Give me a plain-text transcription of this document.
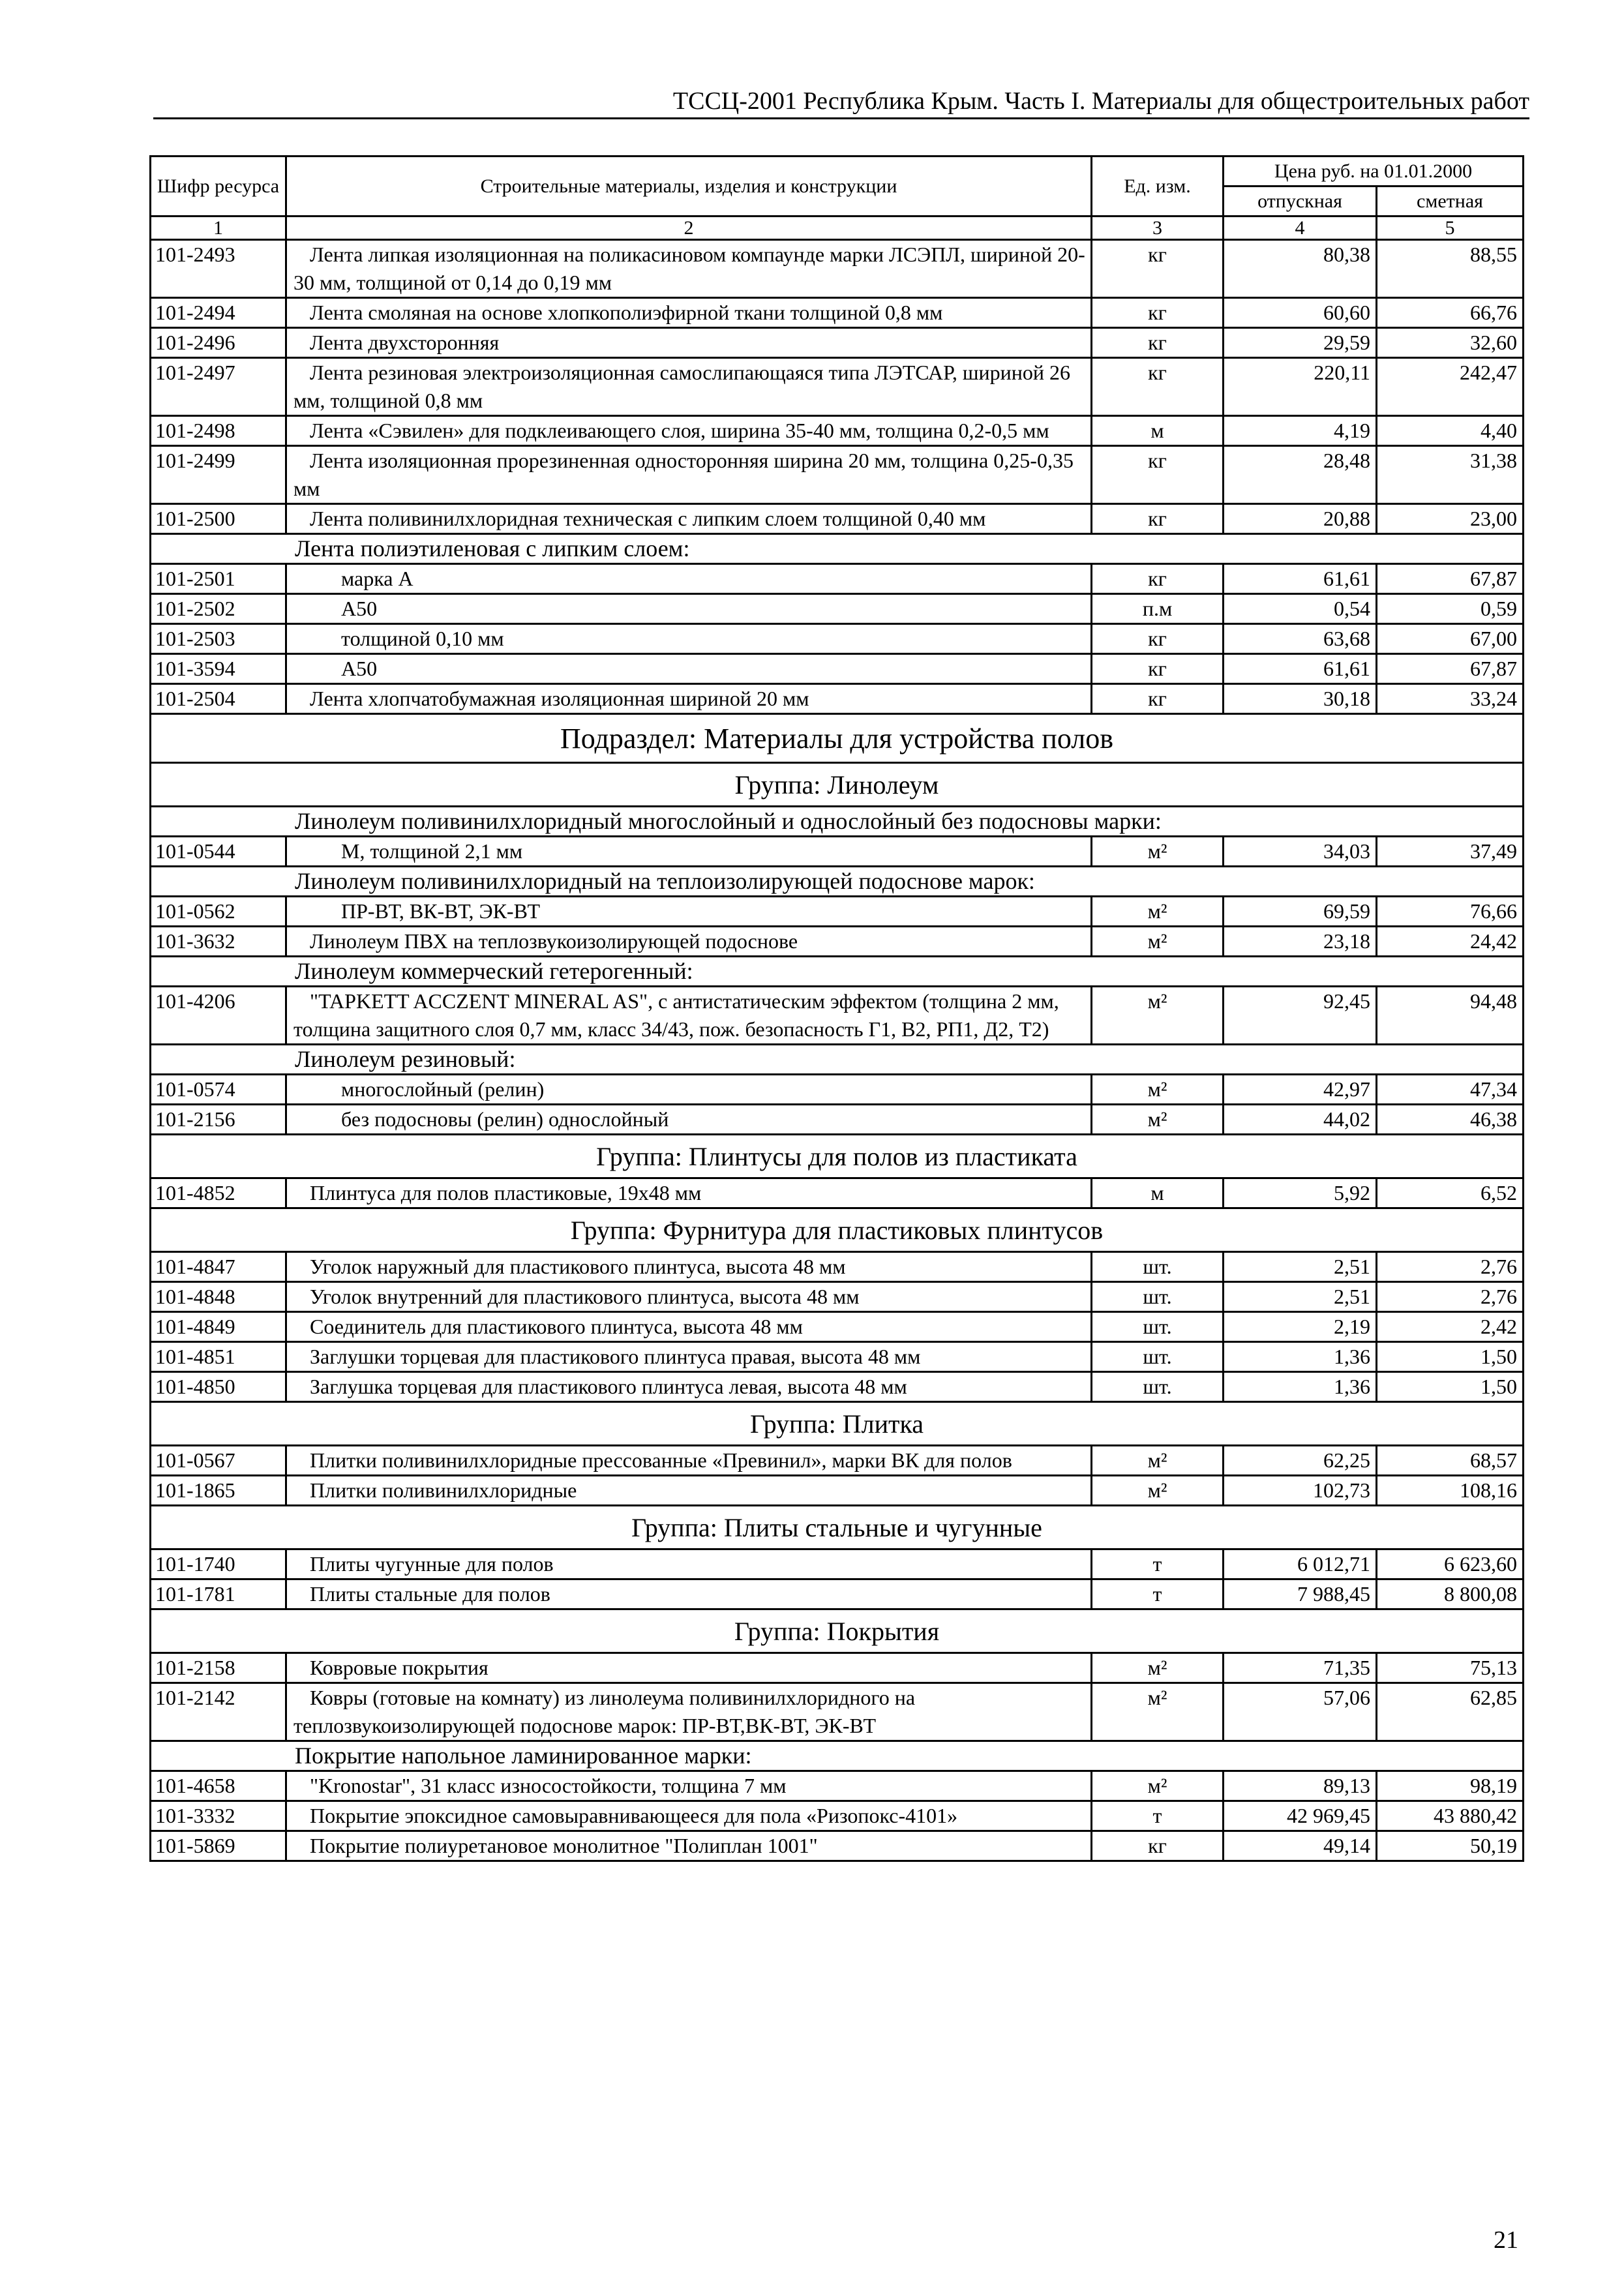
ТССЦ-2001 Республика Крым. Часть I. Материалы для общестроительных работ
Шифр ресурса	Строительные материалы, изделия и конструкции	Ед. изм.	Цена руб. на 01.01.2000	
			отпускная	сметная
1	2	3	4	5
101-2493	Лента липкая изоляционная на поликасиновом компаунде марки ЛСЭПЛ, шириной 20-30 мм, толщиной от 0,14 до 0,19 мм	кг	80,38	88,55
101-2494	Лента смоляная на основе хлопкополиэфирной ткани толщиной 0,8 мм	кг	60,60	66,76
101-2496	Лента двухсторонняя	кг	29,59	32,60
101-2497	Лента резиновая электроизоляционная самослипающаяся типа ЛЭТСАР, шириной 26 мм, толщиной 0,8 мм	кг	220,11	242,47
101-2498	Лента «Сэвилен» для подклеивающего слоя, ширина 35-40 мм, толщина 0,2-0,5 мм	м	4,19	4,40
101-2499	Лента изоляционная прорезиненная односторонняя ширина 20 мм, толщина 0,25-0,35 мм	кг	28,48	31,38
101-2500	Лента поливинилхлоридная техническая с липким слоем толщиной 0,40 мм	кг	20,88	23,00
Лента полиэтиленовая с липким слоем:				
101-2501	марка А	кг	61,61	67,87
101-2502	А50	п.м	0,54	0,59
101-2503	толщиной 0,10 мм	кг	63,68	67,00
101-3594	А50	кг	61,61	67,87
101-2504	Лента хлопчатобумажная изоляционная шириной 20 мм	кг	30,18	33,24
Подраздел: Материалы для устройства полов				
Группа: Линолеум				
Линолеум поливинилхлоридный многослойный и однослойный без подосновы марки:				
101-0544	М, толщиной 2,1 мм	м²	34,03	37,49
Линолеум поливинилхлоридный на теплоизолирующей подоснове марок:				
101-0562	ПР-ВТ, ВК-ВТ, ЭК-ВТ	м²	69,59	76,66
101-3632	Линолеум ПВХ на теплозвукоизолирующей подоснове	м²	23,18	24,42
Линолеум коммерческий гетерогенный:				
101-4206	"TAPKETT ACCZENT MINERAL AS", с антистатическим эффектом (толщина 2 мм, толщина защитного слоя 0,7 мм, класс 34/43, пож. безопасность Г1, В2, РП1, Д2, Т2)	м²	92,45	94,48
Линолеум резиновый:				
101-0574	многослойный (релин)	м²	42,97	47,34
101-2156	без подосновы (релин) однослойный	м²	44,02	46,38
Группа: Плинтусы для полов из пластиката				
101-4852	Плинтуса для полов пластиковые, 19х48 мм	м	5,92	6,52
Группа: Фурнитура для пластиковых плинтусов				
101-4847	Уголок наружный для пластикового плинтуса, высота 48 мм	шт.	2,51	2,76
101-4848	Уголок внутренний для пластикового плинтуса, высота 48 мм	шт.	2,51	2,76
101-4849	Соединитель для пластикового плинтуса, высота 48 мм	шт.	2,19	2,42
101-4851	Заглушки торцевая для пластикового плинтуса правая, высота 48 мм	шт.	1,36	1,50
101-4850	Заглушка торцевая для пластикового плинтуса левая, высота 48 мм	шт.	1,36	1,50
Группа: Плитка				
101-0567	Плитки поливинилхлоридные прессованные «Превинил», марки ВК для полов	м²	62,25	68,57
101-1865	Плитки поливинилхлоридные	м²	102,73	108,16
Группа: Плиты стальные и чугунные				
101-1740	Плиты чугунные для полов	т	6 012,71	6 623,60
101-1781	Плиты стальные для полов	т	7 988,45	8 800,08
Группа: Покрытия				
101-2158	Ковровые покрытия	м²	71,35	75,13
101-2142	Ковры (готовые на комнату) из линолеума поливинилхлоридного на теплозвукоизолирующей подоснове марок: ПР-ВТ,ВК-ВТ, ЭК-ВТ	м²	57,06	62,85
Покрытие напольное ламинированное марки:				
101-4658	"Kronostar", 31 класс износостойкости, толщина 7 мм	м²	89,13	98,19
101-3332	Покрытие эпоксидное самовыравнивающееся для пола «Ризопокс-4101»	т	42 969,45	43 880,42
101-5869	Покрытие полиуретановое монолитное "Полиплан 1001"	кг	49,14	50,19
21
